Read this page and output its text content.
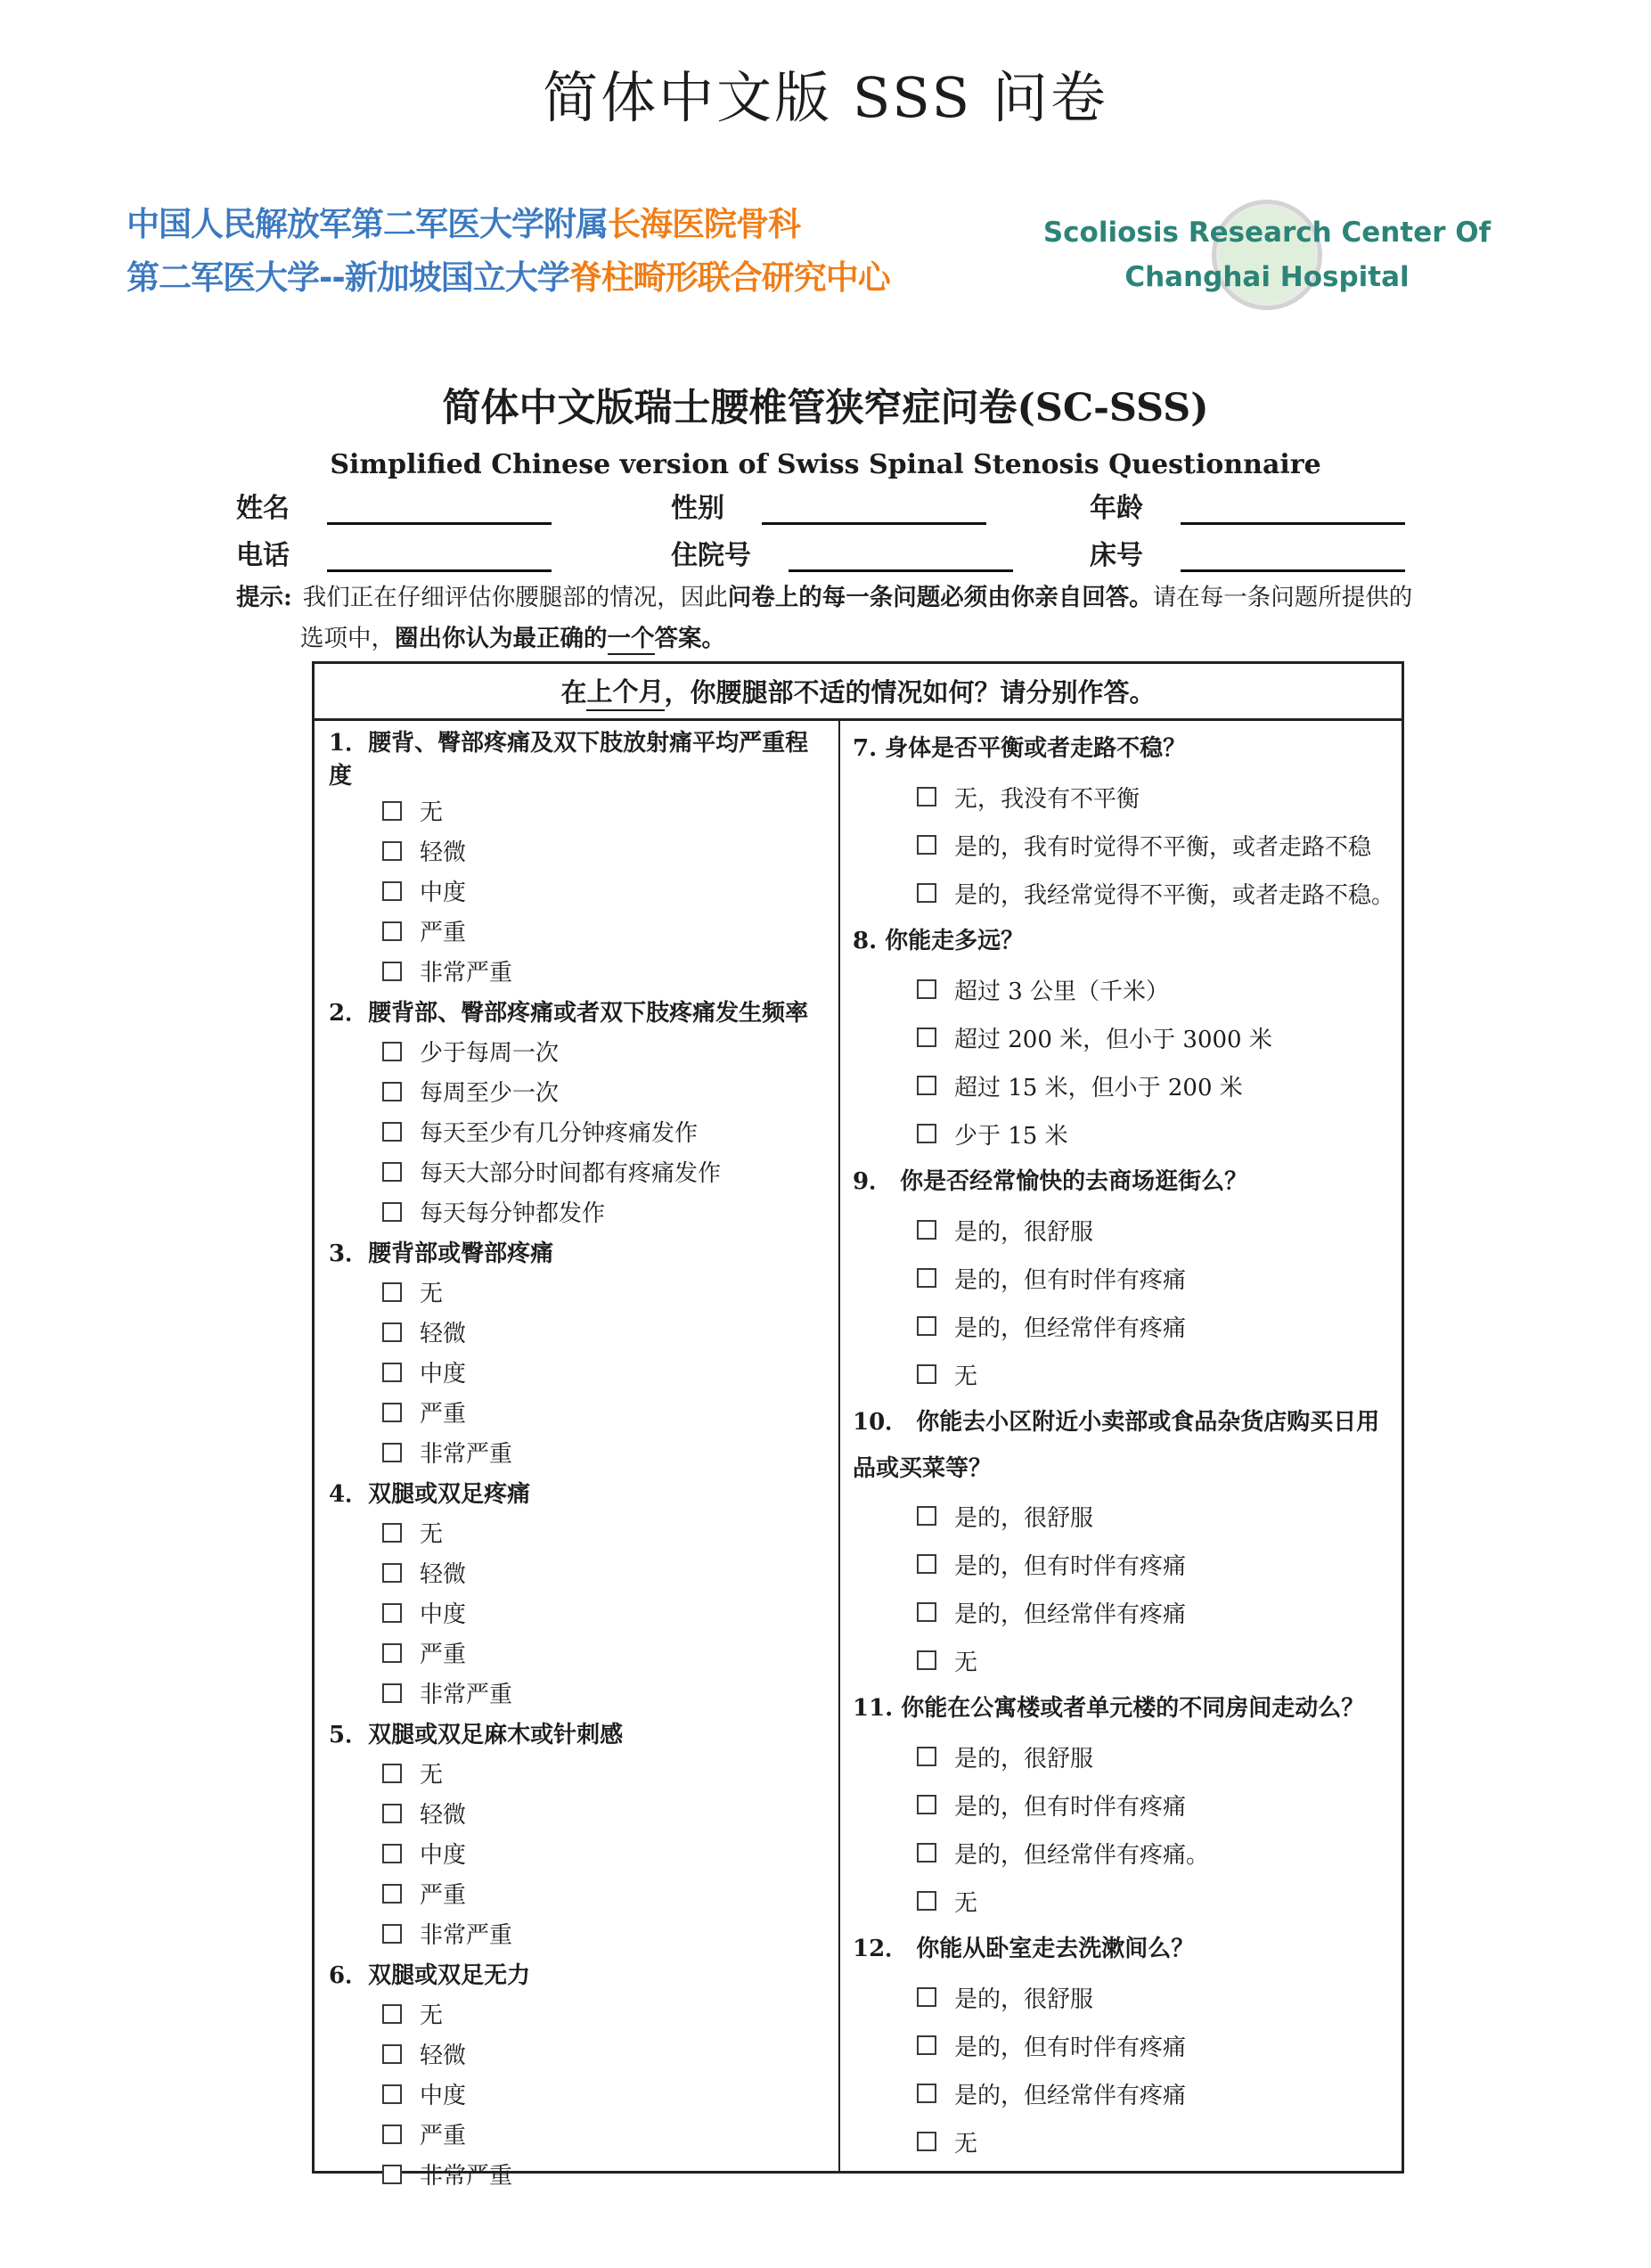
简体中文版 SSS 问卷
中国人民解放军第二军医大学附属长海医院骨科
第二军医大学--新加坡国立大学脊柱畸形联合研究中心
Scoliosis Research Center Of
Changhai Hospital
简体中文版瑞士腰椎管狭窄症问卷(SC-SSS)
Simplified Chinese version of Swiss Spinal Stenosis Questionnaire
姓名	性别	年龄
电话	住院号	床号

提示: 我们正在仔细评估你腰腿部的情况，因此问卷上的每一条问题必须由你亲自回答。请在每一条问题所提供的选项中，圈出你认为最正确的一个答案。

在 上个月 ，你腰腿部不适的情况如何？请分别作答。
1．腰背、臀部疼痛及双下肢放射痛平均严重程度
无
轻微
中度
严重
非常严重
2．腰背部、臀部疼痛或者双下肢疼痛发生频率
少于每周一次
每周至少一次
每天至少有几分钟疼痛发作
每天大部分时间都有疼痛发作
每天每分钟都发作
3．腰背部或臀部疼痛
无
轻微
中度
严重
非常严重
4．双腿或双足疼痛
无
轻微
中度
严重
非常严重
5．双腿或双足麻木或针刺感
无
轻微
中度
严重
非常严重
6．双腿或双足无力
无
轻微
中度
严重
非常严重
7. 身体是否平衡或者走路不稳？
无，我没有不平衡
是的，我有时觉得不平衡，或者走路不稳
是的，我经常觉得不平衡，或者走路不稳。
8. 你能走多远？
超过 3 公里（千米）
超过 200 米，但小于 3000 米
超过 15 米，但小于 200 米
少于 15 米
9． 你是否经常愉快的去商场逛街么？
是的，很舒服
是的，但有时伴有疼痛
是的，但经常伴有疼痛
无
10． 你能去小区附近小卖部或食品杂货店购买日用品或买菜等？
是的，很舒服
是的，但有时伴有疼痛
是的，但经常伴有疼痛
无
11. 你能在公寓楼或者单元楼的不同房间走动么？
是的，很舒服
是的，但有时伴有疼痛
是的，但经常伴有疼痛。
无
12． 你能从卧室走去洗漱间么？
是的，很舒服
是的，但有时伴有疼痛
是的，但经常伴有疼痛
无
